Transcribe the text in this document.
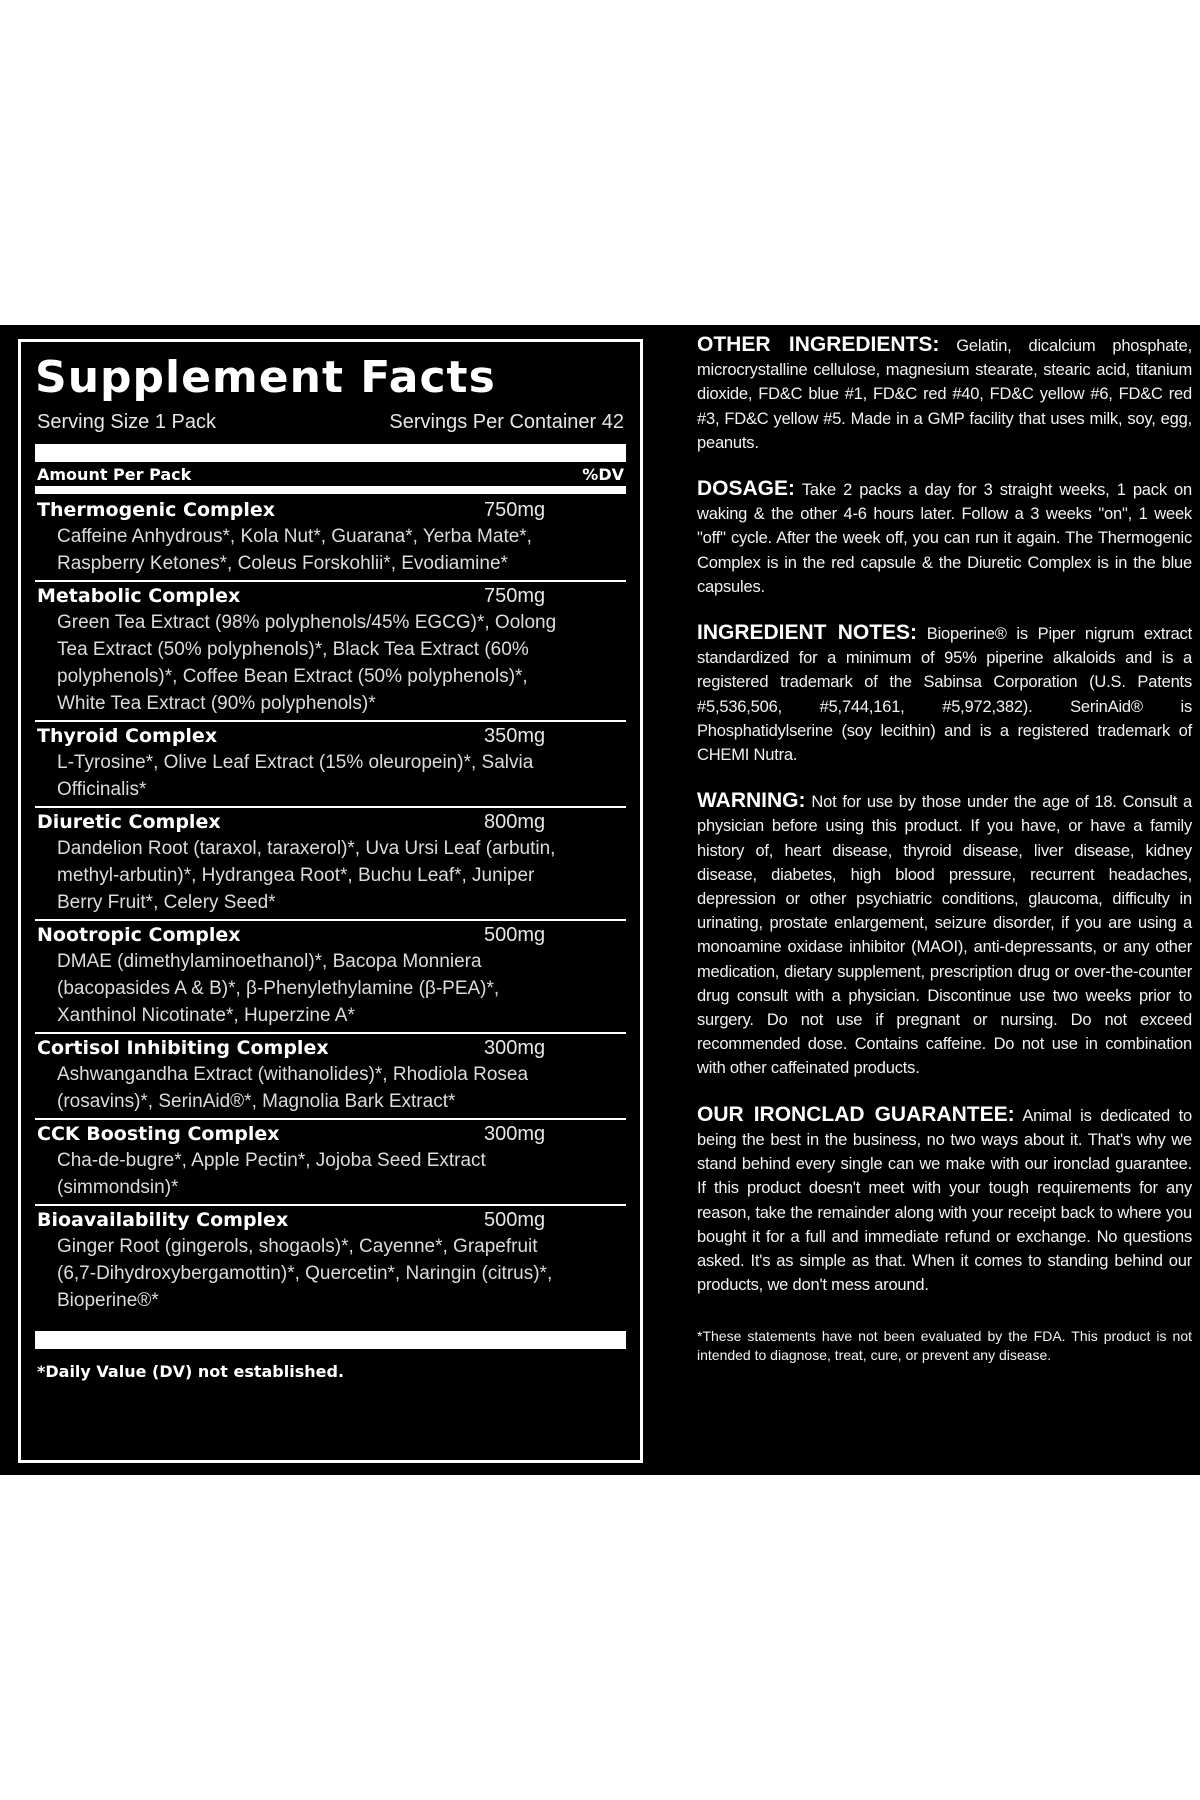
Supplement Facts
Serving Size 1 Pack	Servings Per Container 42
Amount Per Pack	%DV
Thermogenic Complex	750mg
Caffeine Anhydrous*, Kola Nut*, Guarana*, Yerba Mate*, Raspberry Ketones*, Coleus Forskohlii*, Evodiamine*
Metabolic Complex	750mg
Green Tea Extract (98% polyphenols/45% EGCG)*, Oolong Tea Extract (50% polyphenols)*, Black Tea Extract (60% polyphenols)*, Coffee Bean Extract (50% polyphenols)*, White Tea Extract (90% polyphenols)*
Thyroid Complex	350mg
L-Tyrosine*, Olive Leaf Extract (15% oleuropein)*, Salvia Officinalis*
Diuretic Complex	800mg
Dandelion Root (taraxol, taraxerol)*, Uva Ursi Leaf (arbutin, methyl-arbutin)*, Hydrangea Root*, Buchu Leaf*, Juniper Berry Fruit*, Celery Seed*
Nootropic Complex	500mg
DMAE (dimethylaminoethanol)*, Bacopa Monniera (bacopasides A & B)*, β-Phenylethylamine (β-PEA)*, Xanthinol Nicotinate*, Huperzine A*
Cortisol Inhibiting Complex	300mg
Ashwangandha Extract (withanolides)*, Rhodiola Rosea (rosavins)*, SerinAid®*, Magnolia Bark Extract*
CCK Boosting Complex	300mg
Cha-de-bugre*, Apple Pectin*, Jojoba Seed Extract (simmondsin)*
Bioavailability Complex	500mg
Ginger Root (gingerols, shogaols)*, Cayenne*, Grapefruit (6,7-Dihydroxybergamottin)*, Quercetin*, Naringin (citrus)*, Bioperine®*
*Daily Value (DV) not established.

OTHER INGREDIENTS: Gelatin, dicalcium phosphate, microcrystalline cellulose, magnesium stearate, stearic acid, titanium dioxide, FD&C blue #1, FD&C red #40, FD&C yellow #6, FD&C red #3, FD&C yellow #5. Made in a GMP facility that uses milk, soy, egg, peanuts.

DOSAGE: Take 2 packs a day for 3 straight weeks, 1 pack on waking & the other 4-6 hours later. Follow a 3 weeks "on", 1 week "off" cycle. After the week off, you can run it again. The Thermogenic Complex is in the red capsule & the Diuretic Complex is in the blue capsules.

INGREDIENT NOTES: Bioperine® is Piper nigrum extract standardized for a minimum of 95% piperine alkaloids and is a registered trademark of the Sabinsa Corporation (U.S. Patents #5,536,506, #5,744,161, #5,972,382). SerinAid® is Phosphatidylserine (soy lecithin) and is a registered trademark of CHEMI Nutra.

WARNING: Not for use by those under the age of 18. Consult a physician before using this product. If you have, or have a family history of, heart disease, thyroid disease, liver disease, kidney disease, diabetes, high blood pressure, recurrent headaches, depression or other psychiatric conditions, glaucoma, difficulty in urinating, prostate enlargement, seizure disorder, if you are using a monoamine oxidase inhibitor (MAOI), anti-depressants, or any other medication, dietary supplement, prescription drug or over-the-counter drug consult with a physician. Discontinue use two weeks prior to surgery. Do not use if pregnant or nursing. Do not exceed recommended dose. Contains caffeine. Do not use in combination with other caffeinated products.

OUR IRONCLAD GUARANTEE: Animal is dedicated to being the best in the business, no two ways about it. That's why we stand behind every single can we make with our ironclad guarantee. If this product doesn't meet with your tough requirements for any reason, take the remainder along with your receipt back to where you bought it for a full and immediate refund or exchange. No questions asked. It's as simple as that. When it comes to standing behind our products, we don't mess around.

*These statements have not been evaluated by the FDA. This product is not intended to diagnose, treat, cure, or prevent any disease.
